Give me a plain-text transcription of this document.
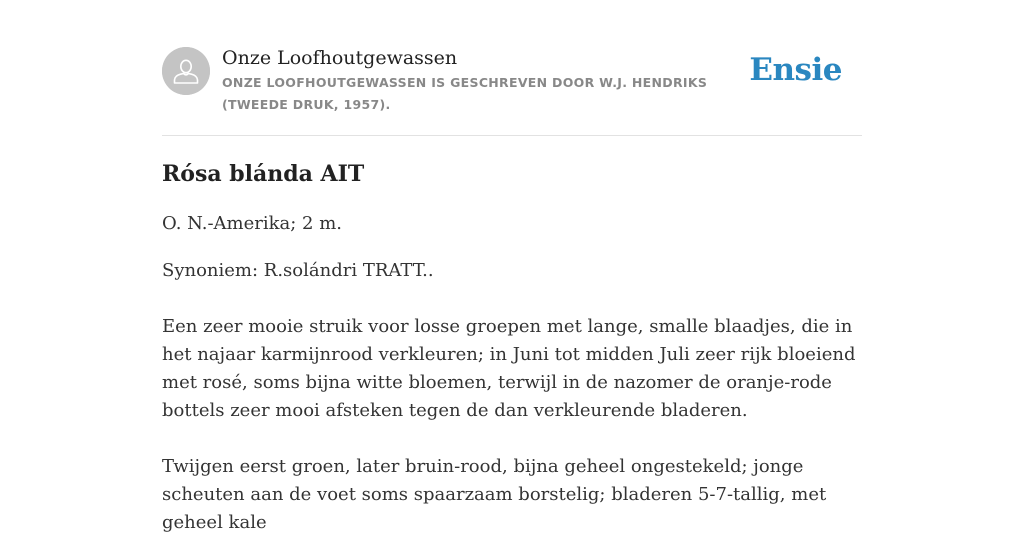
Onze Loofhoutgewassen
ONZE LOOFHOUTGEWASSEN IS GESCHREVEN DOOR W.J. HENDRIKS (TWEEDE DRUK, 1957).
Ensie
Rósa blánda AIT

O. N.-Amerika; 2 m.

Synoniem: R.solándri TRATT..

Een zeer mooie struik voor losse groepen met lange, smalle blaadjes, die in het najaar karmijnrood verkleuren; in Juni tot midden Juli zeer rijk bloeiend met rosé, soms bijna witte bloemen, terwijl in de nazomer de oranje-rode bottels zeer mooi afsteken tegen de dan verkleurende bladeren.

Twijgen eerst groen, later bruin-rood, bijna geheel ongestekeld; jonge scheuten aan de voet soms spaarzaam borstelig; bladeren 5-7-tallig, met geheel kale
